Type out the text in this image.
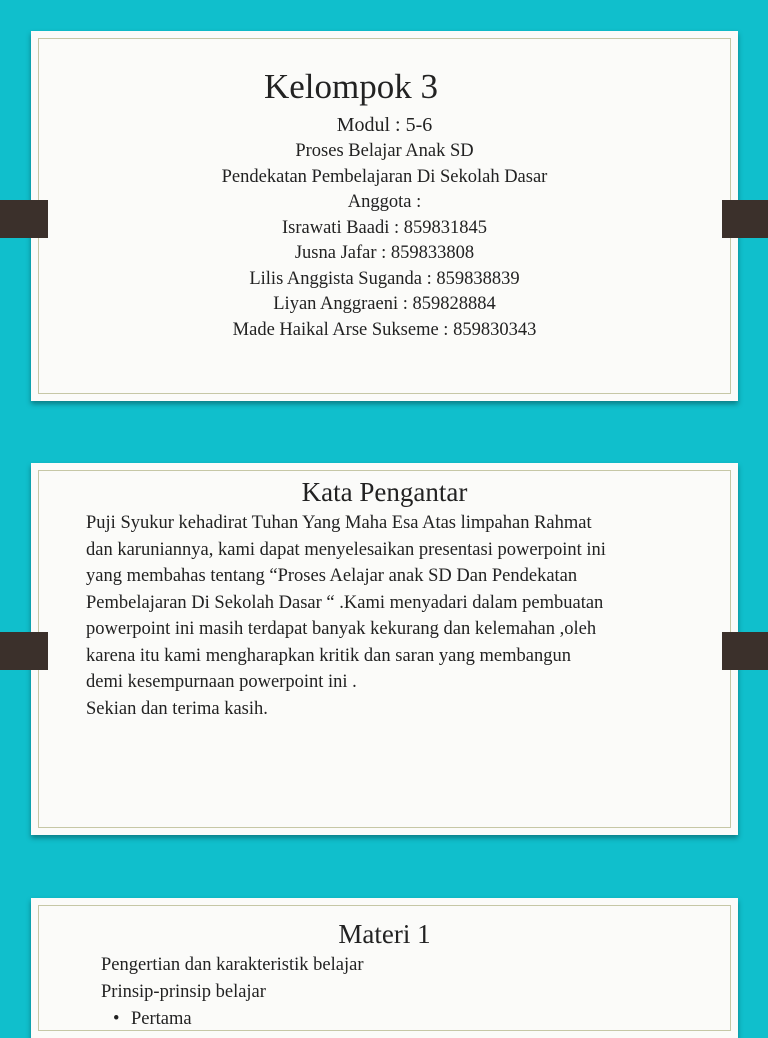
Kelompok 3
Modul : 5-6
Proses Belajar Anak SD
Pendekatan Pembelajaran Di Sekolah Dasar
Anggota :
Israwati Baadi : 859831845
Jusna Jafar : 859833808
Lilis Anggista Suganda : 859838839
Liyan Anggraeni : 859828884
Made Haikal Arse Sukseme : 859830343
Kata Pengantar
Puji Syukur kehadirat Tuhan Yang Maha Esa Atas limpahan Rahmat
dan karuniannya, kami dapat menyelesaikan presentasi powerpoint ini
yang membahas tentang “Proses Aelajar anak SD Dan Pendekatan
Pembelajaran Di Sekolah Dasar “ .Kami menyadari dalam pembuatan
powerpoint ini masih terdapat banyak kekurang dan kelemahan ,oleh
karena itu kami mengharapkan kritik dan saran yang membangun
demi kesempurnaan powerpoint ini .
Sekian dan terima kasih.
Materi 1
Pengertian dan karakteristik belajar
Prinsip-prinsip belajar
• Pertama
